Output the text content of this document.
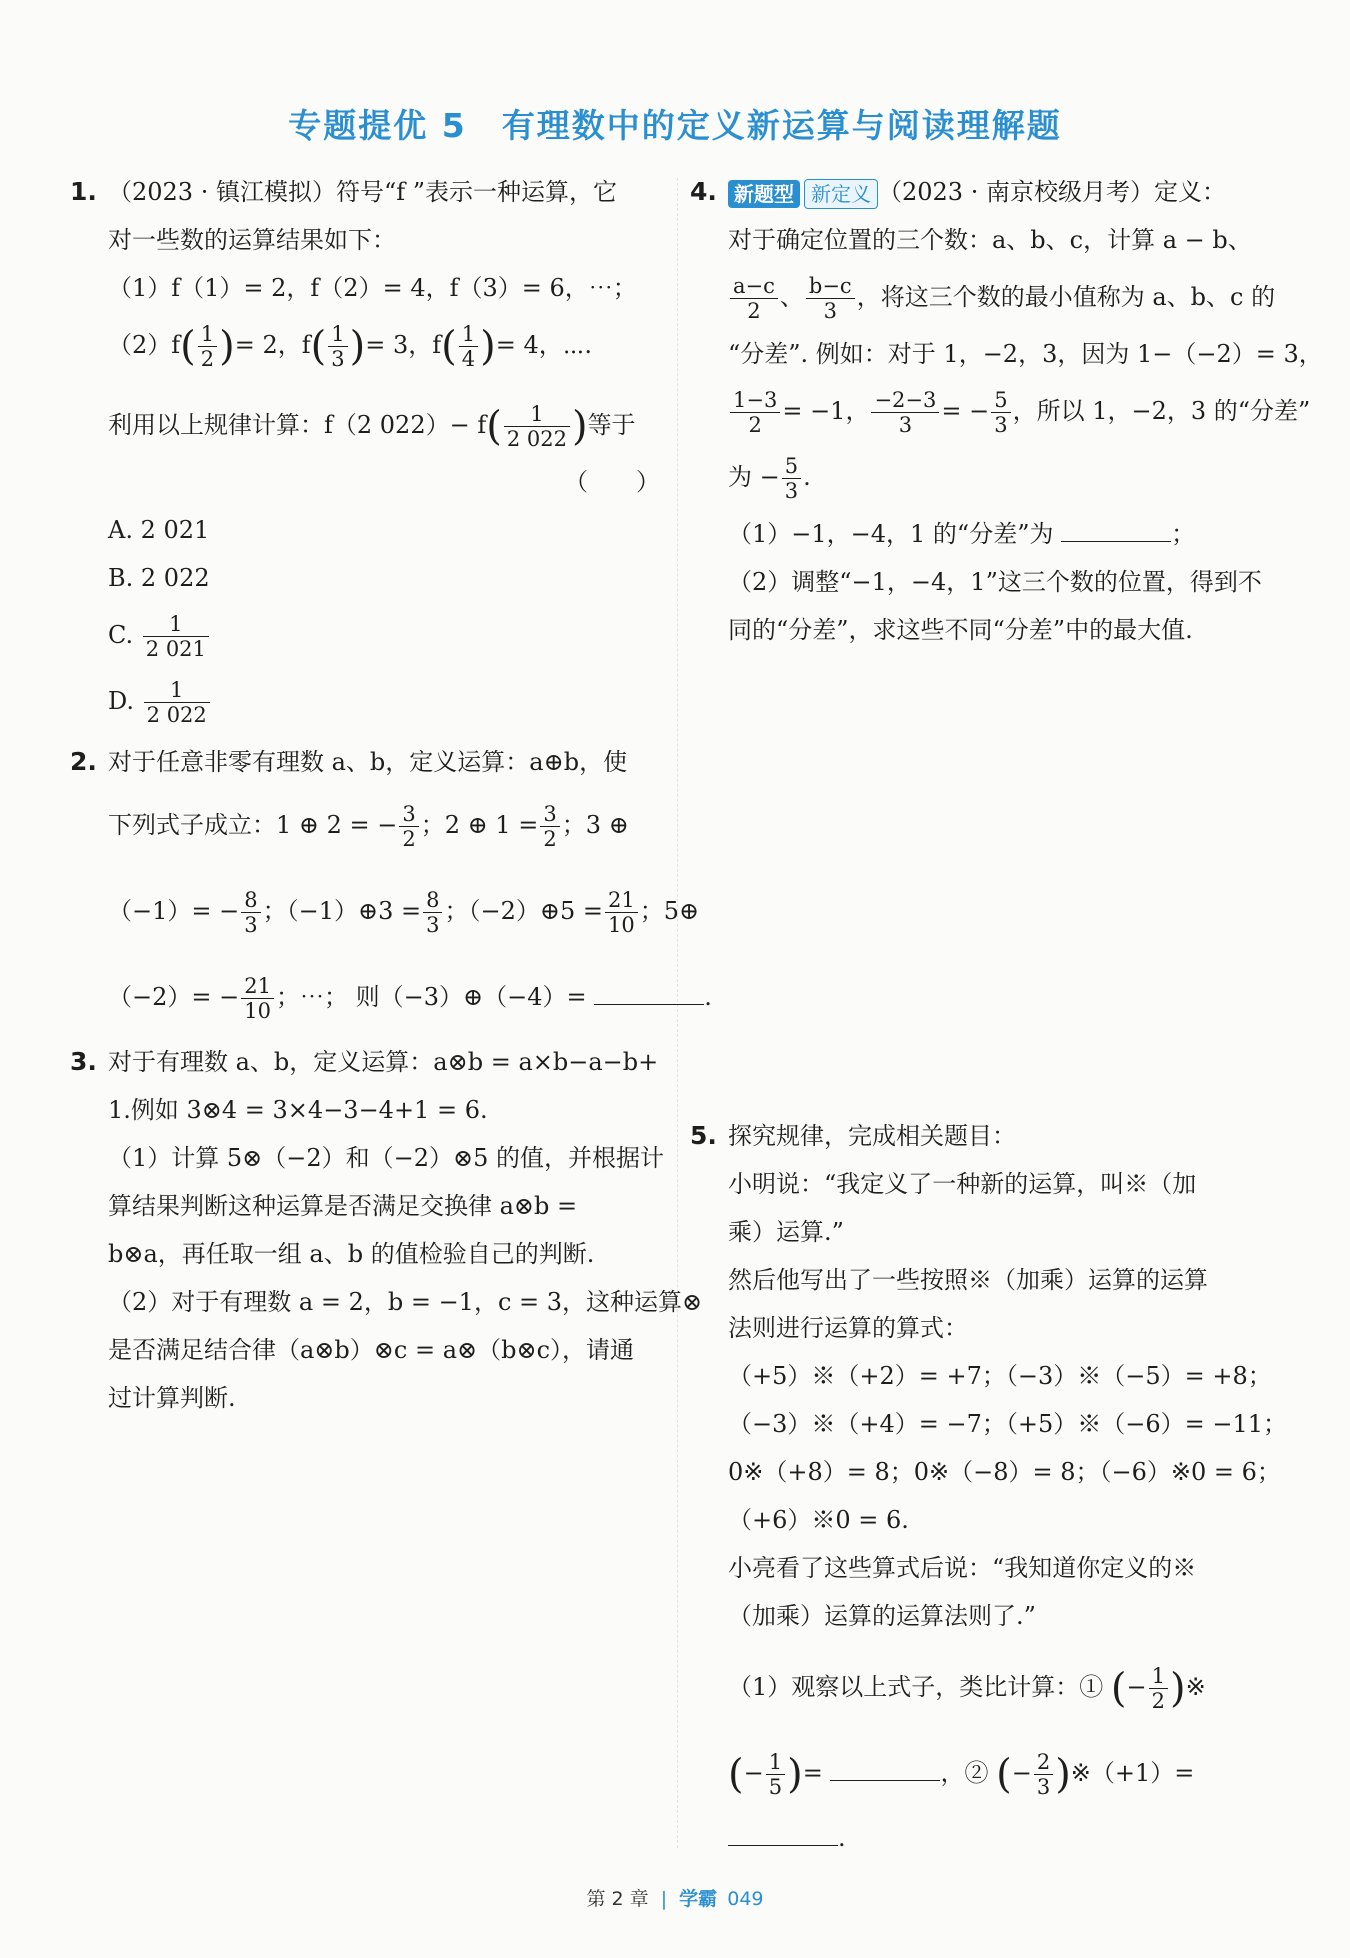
专题提优 5　有理数中的定义新运算与阅读理解题
1. （2023 · 镇江模拟）符号“f ”表示一种运算，它
对一些数的运算结果如下：
（1）f（1）= 2，f（2）= 4，f（3）= 6，⋯；
$(2)f( \frac{1}{2}$ )= 2，$f( \frac{1}{3}$ )= 3，$f( \frac{1}{4}$ )= 4，⋯.
利用以上规律计算：f（2 $022)- f( \frac{1}{2 022}$ )等于
（　　）
A. 2 021
B. 2 022
C. $\frac{1}{2 021}$
D. $\frac{1}{2 022}$
2. 对于任意非零有理数 a、b，定义运算：a⊕b，使
下列式子成立：1 ⊕ 2 = − $\frac{3}{2}$ ；2 ⊕ $1 = \frac{3}{2}$ ；3 ⊕
$(-1)= - \frac{8}{3}$ ；（−1）⊕3 = $\frac{8}{3}$ ；（−2）⊕5 = $\frac{21}{10}$ ；5⊕
$(-2)= - \frac{21}{10}$ ；⋯； 则（−3）⊕（−4）=	.
3. 对于有理数 a、b，定义运算：a⊗b = a×b−a−b+
1.例如 3⊗4 = 3×4−3−4+1 = 6.
（1）计算 5⊗（−2）和（−2）⊗5 的值，并根据计
算结果判断这种运算是否满足交换律 a⊗b =
b⊗a，再任取一组 a、b 的值检验自己的判断.
（2）对于有理数 a = 2，b = −1，c = 3，这种运算⊗
是否满足结合律（a⊗b）⊗c = a⊗（b⊗c），请通
过计算判断.
4. 新题型 新定义 （2023 · 南京校级月考）定义：
对于确定位置的三个数：a、b、c，计算 a − b、
$\frac{a-c}{2}$ 、 $\frac{b-c}{3}$ ，将这三个数的最小值称为 a、b、c 的
“分差”. 例如：对于 1，−2，3，因为 1−（−2）= 3，
$\frac{1-3}{2} = -1$， $\frac{-2-3}{3}$ = − $\frac{5}{3}$ ，所以 1，−2，3 的“分差”
为 − $\frac{5}{3}$ .
（1）−1，−4，1 的“分差”为	；
（2）调整“−1，−4，1”这三个数的位置，得到不
同的“分差”，求这些不同“分差”中的最大值.
5. 探究规律，完成相关题目：
小明说：“我定义了一种新的运算，叫※（加
乘）运算.”
然后他写出了一些按照※（加乘）运算的运算
法则进行运算的算式：
（+5）※（+2）= +7；（−3）※（−5）= +8；
（−3）※（+4）= −7；（+5）※（−6）= −11；
0※（+8）= 8；0※（−8）= 8；（−6）※0 = 6；
（+6）※0 = 6.
小亮看了这些算式后说：“我知道你定义的※
（加乘）运算的运算法则了.”
（1）观察以上式子，类比计算：① (− $\frac{1}{2}$ )※
(− $\frac{1}{5}$ )=	，② (− $\frac{2}{3}$ )※（+1）=
.
第 2 章 | 学霸 049
